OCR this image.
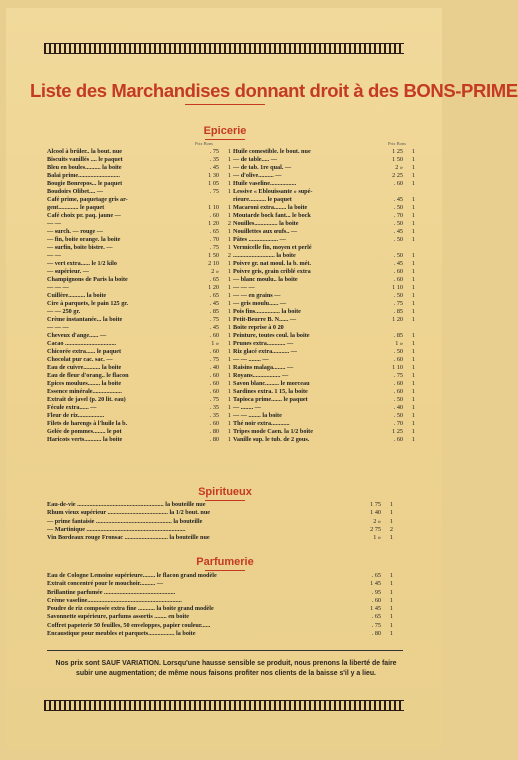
Liste des Marchandises donnant droit à des BONS-PRIME
Epicerie
Prix Bons	Prix Bons
Alcool à brûler.. la bout. nue	. 75	1
Biscuits vanillés .... le paquet	. 35	1
Bleu en boules.......... la boite	. 45	1
Balai prime...........................	1 30	1
Bougie Bonrepos... le paquet	1 05	1
Boudoirs Olibet.... —	. 75	1
Café prime, paquetage gris ar-
gent............. le paquet	1 10	1
Café choix pr. paq. jaune —	. 60	1
— —	1 20	2
— surch. — rouge —	. 65	1
— fin, boite orange. la boite	. 70	1
— surfin, boite bistre. —	. 75	1
— —	1 50	2
— vert extra...... le 1/2 kilo	2 10	1
— supérieur. —	2 »	1
Champignons de Paris la boite	. 65	1
— — —	1 20	1
Cuillère........... la boite	. 65	1
Cire à parquets, le pain 125 gr.	. 45	1
— — 250 gr.	. 85	1
Crème instantanée... la boite	. 75	1
— — —	. 45	1
Cheveux d'ange...... —	. 60	1
Cacao .................................	1 »	1
Chicorée extra...... le paquet	. 60	1
Chocolat pur cac. sac. —	. 75	1
Eau de cuivre........... la boite	. 40	1
Eau de fleur d'orang.. le flacon	. 60	1
Epices moulues........ la boite	. 60	1
Essence minérale...................	. 60	1
Extrait de javel (p. 20 lit. eau)	. 75	1
Fécule extra...... —	. 35	1
Fleur de riz.................	. 35	1
Filets de harengs à l'huile la b.	. 60	1
Gelée de pommes........ le pot	. 80	1
Haricots verts........... la boite	. 80	1
Huile comestible. le bout. nue	1 25	1
— de table..... —	1 50	1
— de tab. 1re qual. —	2 »	1
— d'olive.......... —	2 25	1
Huile vaseline.................	. 60	1
Lessive « Eblouissante » supé-
rieure........... le paquet	. 45	1
Macaroni extra........ la boite	. 50	1
Moutarde bock fant... le bock	. 70	1
Nouilles............... la boite	. 50	1
Nouillettes aux œufs.. —	. 45	1
Pâtes ................... —	. 50	1
Vermicelle fin, moyen et perlé
........................... la boite	. 50	1
Poivre gr. nat moul. la b. mét.	. 45	1
Poivre gris, grain criblé extra	. 60	1
— blanc moulu.. la boite	. 60	1
— — —	1 10	1
— — en grains —	. 50	1
— gris moulu...... —	. 75	1
Pois fins................ la boite	. 85	1
Petit-Beurre B. N...... —	1 20	1
Boite reprise à 0 20
Peinture, toutes coul. la boite	. 85	1
Prunes extra............ —	1 »	1
Riz glacé extra........... —	. 50	1
— — ........ —	. 60	1
Raisins malaga........ —	1 10	1
Royans.................. —	. 75	1
Savon blanc......... le morceau	. 60	1
Sardines extra. 1 15, la boite	. 60	1
Tapioca prime....... le paquet	. 50	1
— ........ —	. 40	1
— — ........ la boite	. 50	1
Thé noir extra............	. 70	1
Tripes mode Caen. la 1/2 boîte	1 25	1
Vanille sup. le tub. de 2 gous.	. 60	1
Spiritueux
Eau-de-vie ........................................................ la bouteille nue	1 75	1
Rhum vieux supérieur ....................................... la 1/2 bout. nue	1 40	1
— prime fantaisie ................................................. la bouteille	2 »	1
— Martinique ................................................................	2 75	2
Vin Bordeaux rouge Fronsac ............................ la bouteille nue	1 »	1
Parfumerie
Eau de Cologne Lemoine supérieure........ le flacon grand modèle	. 65	1
Extrait concentré pour le mouchoir.......... —	1 45	1
Brillantine parfumée ..............................................	. 95	1
Crème vaseline.............................................................	. 60	1
Poudre de riz composée extra fine ........... la boite grand modèle	1 45	1
Savonnette supérieure, parfums assortis ........ en boite	. 65	1
Coffret papeterie 50 feuilles, 50 enveloppes, papier couleur......	. 75	1
Encaustique pour meubles et parquets................. la boite	. 80	1
Nos prix sont SAUF VARIATION. Lorsqu'une hausse sensible se produit, nous prenons la liberté de faire subir une augmentation; de même nous faisons profiter nos clients de la baisse s'il y a lieu.
